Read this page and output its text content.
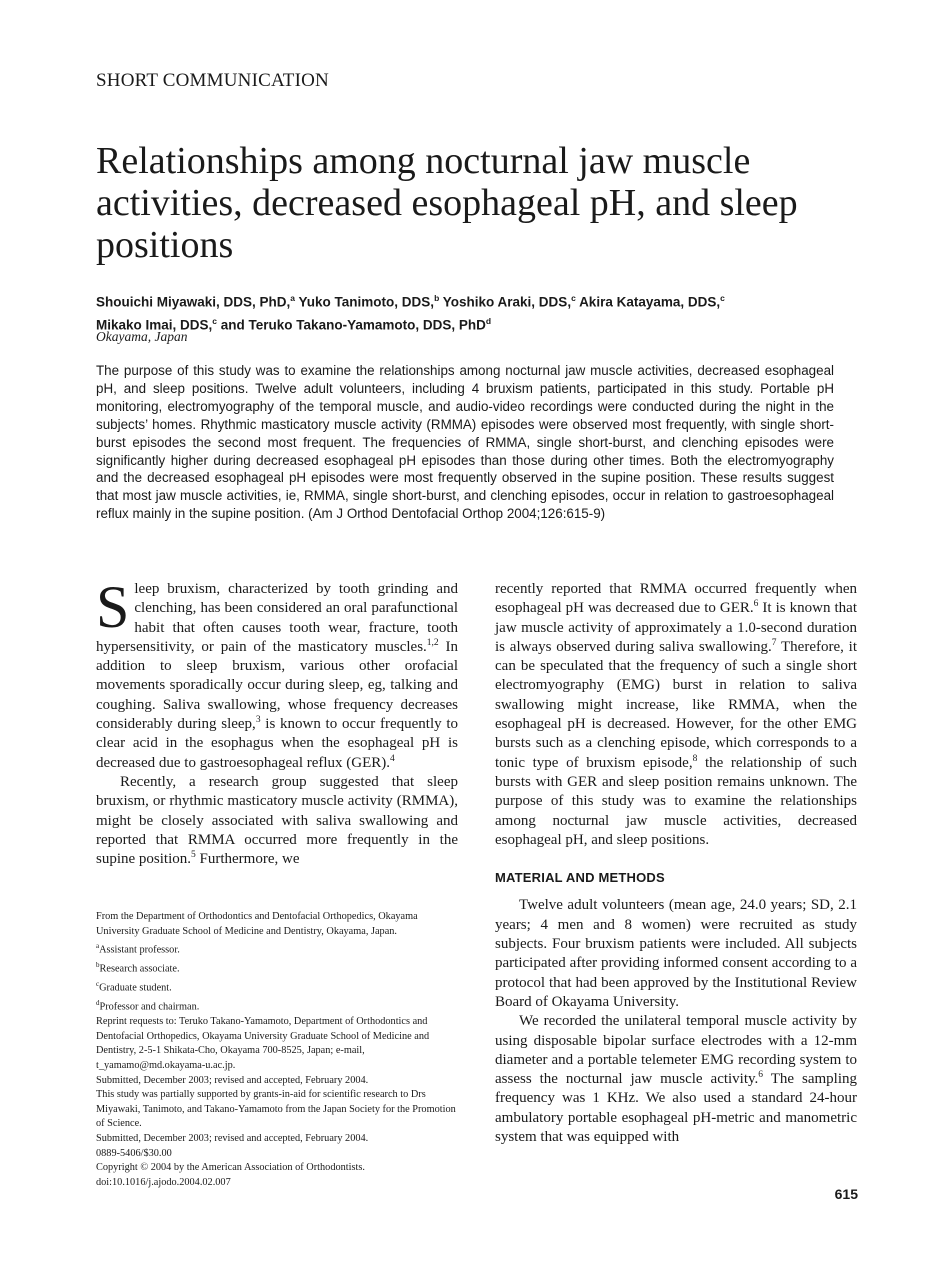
SHORT COMMUNICATION
Relationships among nocturnal jaw muscle activities, decreased esophageal pH, and sleep positions
Shouichi Miyawaki, DDS, PhD,$^a$ Yuko Tanimoto, DDS,$^b$ Yoshiko Araki, DDS,$^c$ Akira Katayama, DDS,$^c$
Mikako Imai, DDS,$^c$ and Teruko Takano-Yamamoto, DDS, PhD$^d$
Okayama, Japan

The purpose of this study was to examine the relationships among nocturnal jaw muscle activities, decreased esophageal pH, and sleep positions. Twelve adult volunteers, including 4 bruxism patients, participated in this study. Portable pH monitoring, electromyography of the temporal muscle, and audio-video recordings were conducted during the night in the subjects’ homes. Rhythmic masticatory muscle activity (RMMA) episodes were observed most frequently, with single short-burst episodes the second most frequent. The frequencies of RMMA, single short-burst, and clenching episodes were significantly higher during decreased esophageal pH episodes than those during other times. Both the electromyography and the decreased esophageal pH episodes were most frequently observed in the supine position. These results suggest that most jaw muscle activities, ie, RMMA, single short-burst, and clenching episodes, occur in relation to gastroesophageal reflux mainly in the supine position. (Am J Orthod Dentofacial Orthop 2004;126:615-9)

Sleep bruxism, characterized by tooth grinding and clenching, has been considered an oral parafunctional habit that often causes tooth wear, fracture, tooth hypersensitivity, or pain of the masticatory muscles.$^{1,2}$ In addition to sleep bruxism, various other orofacial movements sporadically occur during sleep, eg, talking and coughing. Saliva swallowing, whose frequency decreases considerably during sleep,$^3$ is known to occur frequently to clear acid in the esophagus when the esophageal pH is decreased due to gastroesophageal reflux (GER).$^4$

Recently, a research group suggested that sleep bruxism, or rhythmic masticatory muscle activity (RMMA), might be closely associated with saliva swallowing and reported that RMMA occurred more frequently in the supine position.$^5$ Furthermore, we

recently reported that RMMA occurred frequently when esophageal pH was decreased due to GER.$^6$ It is known that jaw muscle activity of approximately a 1.0-second duration is always observed during saliva swallowing.$^7$ Therefore, it can be speculated that the frequency of such a single short electromyography (EMG) burst in relation to saliva swallowing might increase, like RMMA, when the esophageal pH is decreased. However, for the other EMG bursts such as a clenching episode, which corresponds to a tonic type of bruxism episode,$^8$ the relationship of such bursts with GER and sleep position remains unknown. The purpose of this study was to examine the relationships among nocturnal jaw muscle activities, decreased esophageal pH, and sleep positions.

MATERIAL AND METHODS

Twelve adult volunteers (mean age, 24.0 years; SD, 2.1 years; 4 men and 8 women) were recruited as study subjects. Four bruxism patients were included. All subjects participated after providing informed consent according to a protocol that had been approved by the Institutional Review Board of Okayama University.

We recorded the unilateral temporal muscle activity by using disposable bipolar surface electrodes with a 12-mm diameter and a portable telemeter EMG recording system to assess the nocturnal jaw muscle activity.$^6$ The sampling frequency was 1 KHz. We also used a standard 24-hour ambulatory portable esophageal pH-metric and manometric system that was equipped with

From the Department of Orthodontics and Dentofacial Orthopedics, Okayama University Graduate School of Medicine and Dentistry, Okayama, Japan.
$^a$Assistant professor.
$^b$Research associate.
$^c$Graduate student.
$^d$Professor and chairman.
Reprint requests to: Teruko Takano-Yamamoto, Department of Orthodontics and Dentofacial Orthopedics, Okayama University Graduate School of Medicine and Dentistry, 2-5-1 Shikata-Cho, Okayama 700-8525, Japan; e-mail, t_yamamo@md.okayama-u.ac.jp.
Submitted, December 2003; revised and accepted, February 2004.
This study was partially supported by grants-in-aid for scientific research to Drs Miyawaki, Tanimoto, and Takano-Yamamoto from the Japan Society for the Promotion of Science.
Submitted, December 2003; revised and accepted, February 2004.
0889-5406/$30.00
Copyright © 2004 by the American Association of Orthodontists.
doi:10.1016/j.ajodo.2004.02.007
615
